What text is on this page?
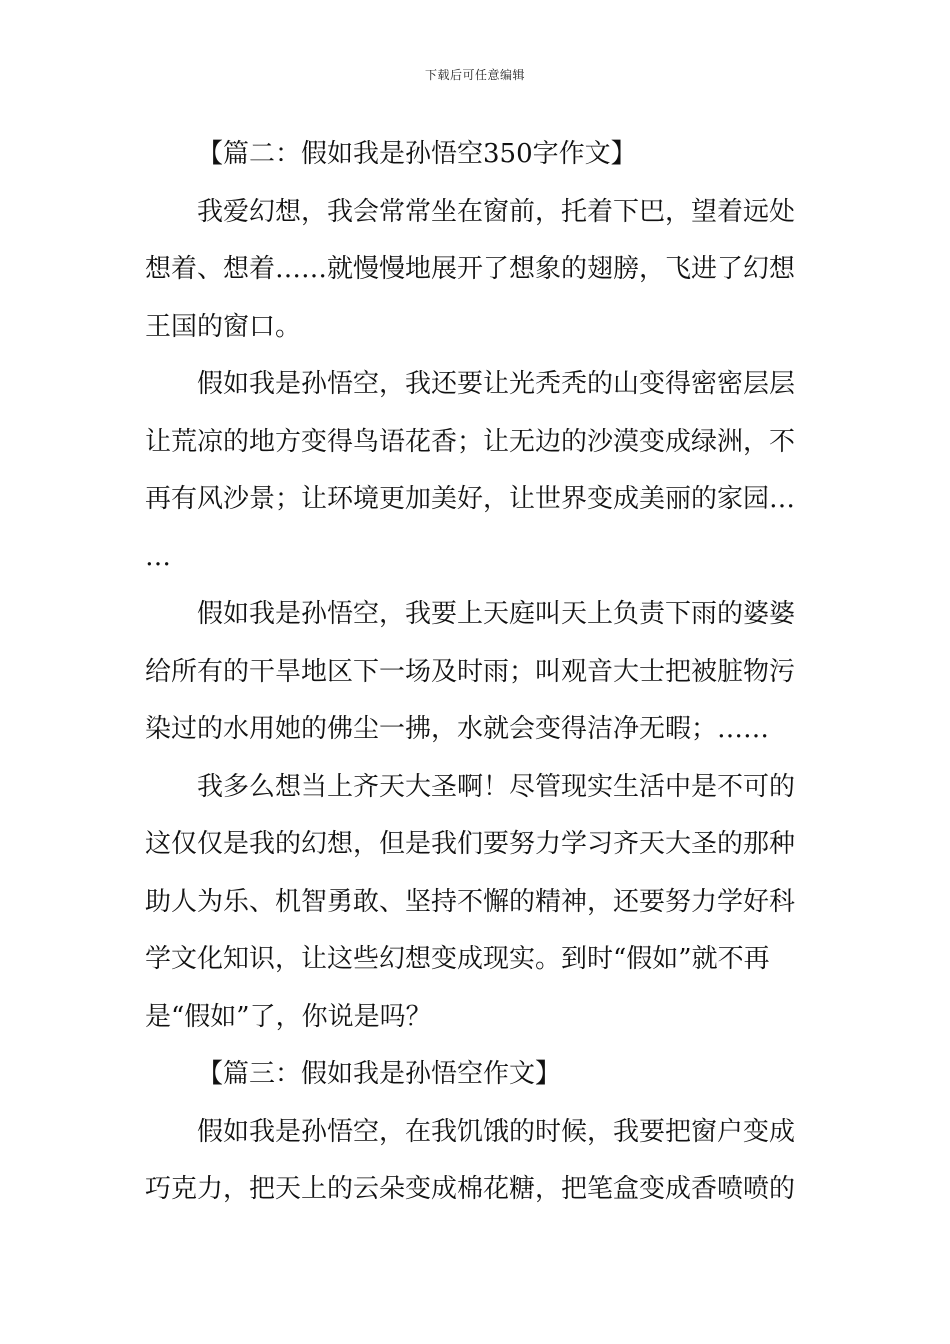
下载后可任意编辑
【篇二：假如我是孙悟空350字作文】
我爱幻想，我会常常坐在窗前，托着下巴，望着远处
想着、想着……就慢慢地展开了想象的翅膀，飞进了幻想
王国的窗口。
假如我是孙悟空，我还要让光秃秃的山变得密密层层
让荒凉的地方变得鸟语花香；让无边的沙漠变成绿洲，不
再有风沙景；让环境更加美好，让世界变成美丽的家园…
…
假如我是孙悟空，我要上天庭叫天上负责下雨的婆婆
给所有的干旱地区下一场及时雨；叫观音大士把被脏物污
染过的水用她的佛尘一拂，水就会变得洁净无暇；……
我多么想当上齐天大圣啊！尽管现实生活中是不可的
这仅仅是我的幻想，但是我们要努力学习齐天大圣的那种
助人为乐、机智勇敢、坚持不懈的精神，还要努力学好科
学文化知识，让这些幻想变成现实。到时“假如”就不再
是“假如”了，你说是吗？
【篇三：假如我是孙悟空作文】
假如我是孙悟空，在我饥饿的时候，我要把窗户变成
巧克力，把天上的云朵变成棉花糖，把笔盒变成香喷喷的
